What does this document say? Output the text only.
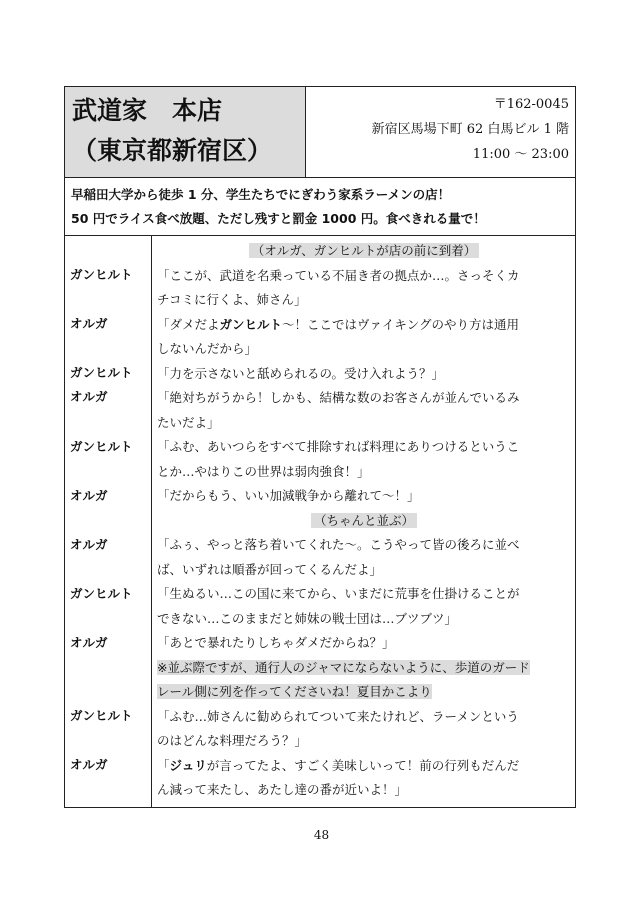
武道家　本店
（東京都新宿区）
〒162-0045
新宿区馬場下町 62 白馬ビル 1 階
11:00 ～ 23:00
早稲田大学から徒歩 1 分、学生たちでにぎわう家系ラーメンの店！
50 円でライス食べ放題、ただし残すと罰金 1000 円。食べきれる量で！
ガンヒルト
オルガ
ガンヒルト
オルガ
ガンヒルト
オルガ
オルガ
ガンヒルト
オルガ
ガンヒルト
オルガ
（オルガ、ガンヒルトが店の前に到着）
「ここが、武道を名乗っている不届き者の拠点か…。さっそくカ
チコミに行くよ、姉さん」
「ダメだよガンヒルト～！ここではヴァイキングのやり方は通用
しないんだから」
「力を示さないと舐められるの。受け入れよう？」
「絶対ちがうから！しかも、結構な数のお客さんが並んでいるみ
たいだよ」
「ふむ、あいつらをすべて排除すれば料理にありつけるというこ
とか…やはりこの世界は弱肉強食！」
「だからもう、いい加減戦争から離れて～！」
（ちゃんと並ぶ）
「ふぅ、やっと落ち着いてくれた～。こうやって皆の後ろに並べ
ば、いずれは順番が回ってくるんだよ」
「生ぬるい…この国に来てから、いまだに荒事を仕掛けることが
できない…このままだと姉妹の戦士団は…ブツブツ」
「あとで暴れたりしちゃダメだからね？」
※並ぶ際ですが、通行人のジャマにならないように、歩道のガード
レール側に列を作ってくださいね！夏目かこより
「ふむ…姉さんに勧められてついて来たけれど、ラーメンという
のはどんな料理だろう？」
「ジュリが言ってたよ、すごく美味しいって！前の行列もだんだ
ん減って来たし、あたし達の番が近いよ！」
48
